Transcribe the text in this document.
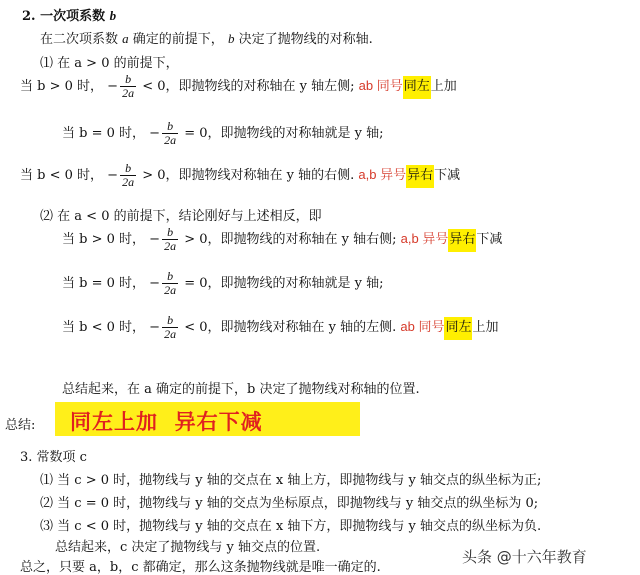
2. 一次项系数 b
在二次项系数 a 确定的前提下， b 决定了抛物线的对称轴.
⑴ 在 a > 0 的前提下，
当 b > 0 时， − $\frac{b}{2a} < 0$，即抛物线的对称轴在 y 轴左侧; ab 同号同左上加
当 b = 0 时， − $\frac{b}{2a} = 0$，即抛物线的对称轴就是 y 轴;
当 b < 0 时， − $\frac{b}{2a} > 0$，即抛物线对称轴在 y 轴的右侧. a,b 异号异右下减
⑵ 在 a < 0 的前提下，结论刚好与上述相反，即
当 b > 0 时， − $\frac{b}{2a} > 0$，即抛物线的对称轴在 y 轴右侧; a,b 异号异右下减
当 b = 0 时， − $\frac{b}{2a} = 0$，即抛物线的对称轴就是 y 轴;
当 b < 0 时， − $\frac{b}{2a} < 0$，即抛物线对称轴在 y 轴的左侧. ab 同号同左上加
总结起来，在 a 确定的前提下，b 决定了抛物线对称轴的位置.
总结: 同左上加  异右下减
3. 常数项 c
⑴ 当 c > 0 时，抛物线与 y 轴的交点在 x 轴上方，即抛物线与 y 轴交点的纵坐标为正;
⑵ 当 c = 0 时，抛物线与 y 轴的交点为坐标原点，即抛物线与 y 轴交点的纵坐标为 0;
⑶ 当 c < 0 时，抛物线与 y 轴的交点在 x 轴下方，即抛物线与 y 轴交点的纵坐标为负.
总结起来，c 决定了抛物线与 y 轴交点的位置.
总之，只要 a，b，c 都确定，那么这条抛物线就是唯一确定的.
头条 @十六年教育
